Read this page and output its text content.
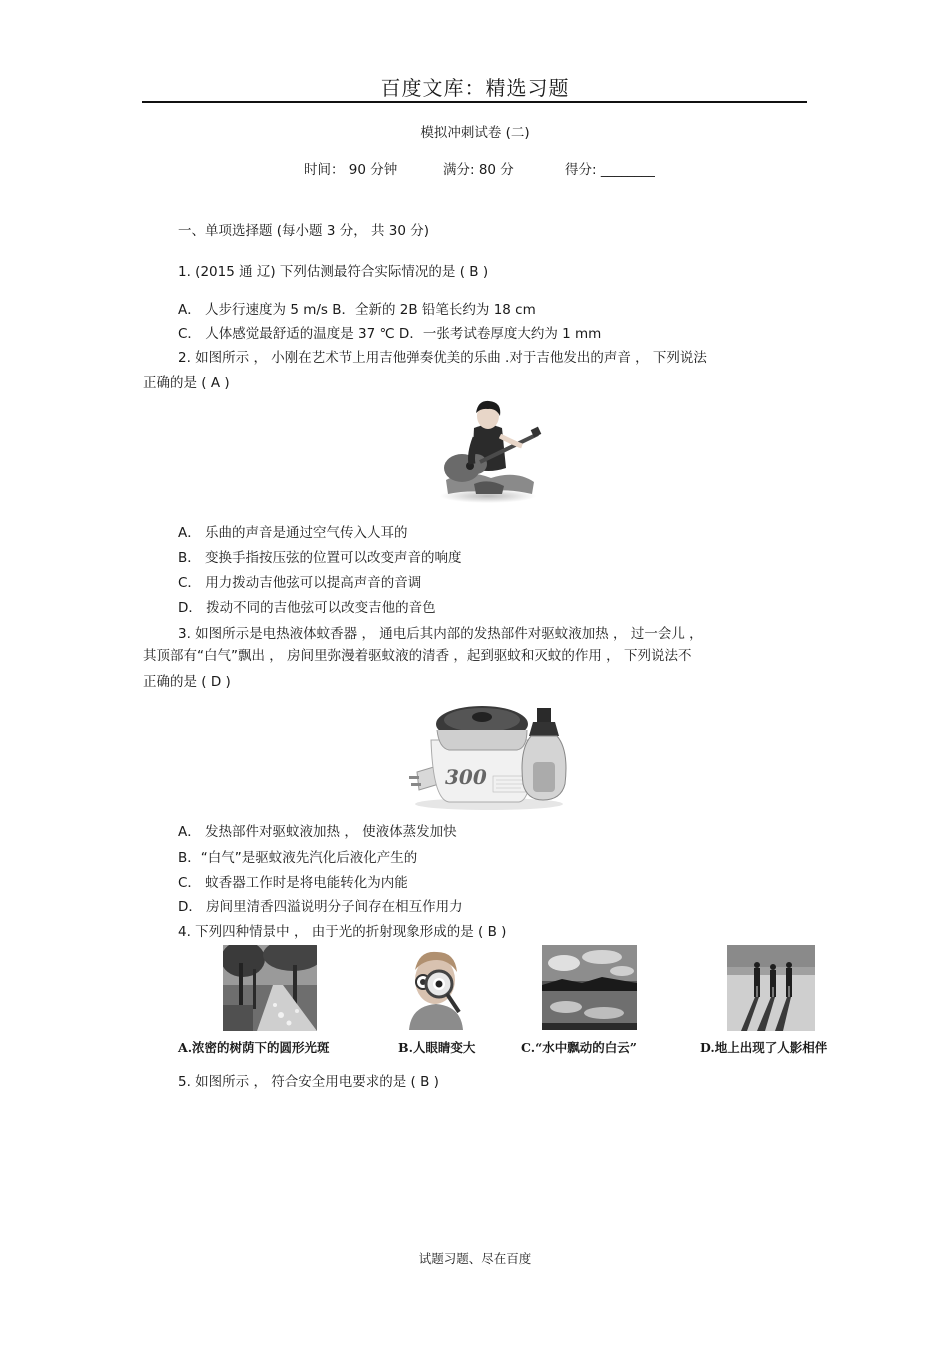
百度文库：精选习题
模拟冲刺试卷 (二)
时间： 90 分钟	满分: 80 分	得分: ________
一、单项选择题 (每小题 3 分， 共 30 分)
1. (2015 通 辽) 下列估测最符合实际情况的是 ( B )
A． 人步行速度为 5 m/s B．全新的 2B 铅笔长约为 18 cm
C． 人体感觉最舒适的温度是 37 ℃ D．一张考试卷厚度大约为 1 mm
2. 如图所示 ， 小刚在艺术节上用吉他弹奏优美的乐曲 .对于吉他发出的声音 ， 下列说法
正确的是 ( A )
A． 乐曲的声音是通过空气传入人耳的
B． 变换手指按压弦的位置可以改变声音的响度
C． 用力拨动吉他弦可以提高声音的音调
D． 拨动不同的吉他弦可以改变吉他的音色
3. 如图所示是电热液体蚊香器 ， 通电后其内部的发热部件对驱蚊液加热 ， 过一会儿 ，
其顶部有“白气”飘出 ， 房间里弥漫着驱蚊液的清香 ，起到驱蚊和灭蚊的作用 ， 下列说法不
正确的是 ( D )
300
A． 发热部件对驱蚊液加热 ， 使液体蒸发加快
B．“白气”是驱蚊液先汽化后液化产生的
C． 蚊香器工作时是将电能转化为内能
D． 房间里清香四溢说明分子间存在相互作用力
4. 下列四种情景中 ， 由于光的折射现象形成的是 ( B )
A.浓密的树荫下的圆形光斑	B.人眼睛变大	C.“水中飘动的白云”	D.地上出现了人影相伴
5. 如图所示 ， 符合安全用电要求的是 ( B )
试题习题、尽在百度
